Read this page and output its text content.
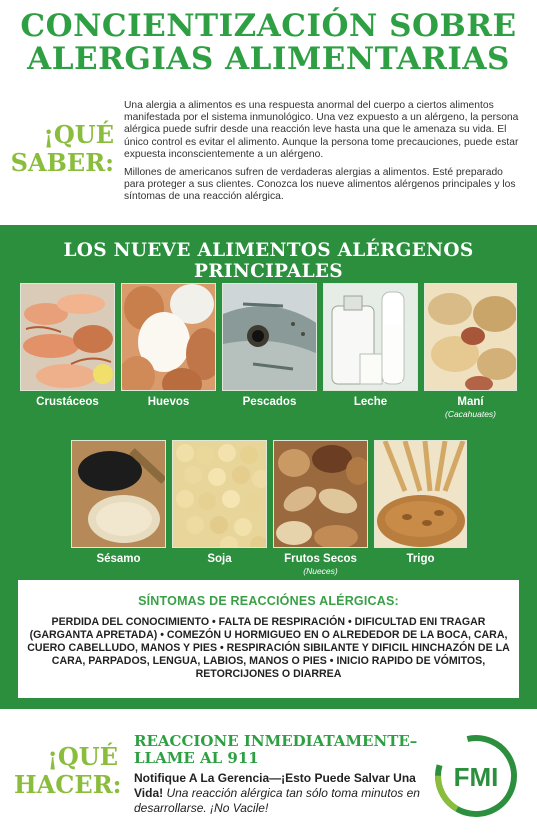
CONCIENTIZACIÓN SOBRE
ALERGIAS ALIMENTARIAS
¡QUÉ
SABER:

Una alergia a alimentos es una respuesta anormal del cuerpo a ciertos alimentos manifestada por el sistema inmunológico. Una vez expuesto a un alérgeno, la persona alérgica puede sufrir desde una reacción leve hasta una que le amenaza su vida. El único control es evitar el alimento. Aunque la persona tome precauciones, puede estar expuesta inconscientemente a un alérgeno.

Millones de americanos sufren de verdaderas alergias a alimentos. Esté preparado para proteger a sus clientes. Conozca los nueve alimentos alérgenos principales y los síntomas de una reacción alérgica.

LOS NUEVE ALIMENTOS ALÉRGENOS PRINCIPALES
Crustáceos	Huevos	Pescados	Leche	Maní
(Cacahuates)
Sésamo	Soja	Frutos Secos
(Nueces)
Trigo
SÍNTOMAS DE REACCIÓNES ALÉRGICAS:
PERDIDA DEL CONOCIMIENTO • FALTA DE RESPIRACIÓN • DIFICULTAD ENI TRAGAR (GARGANTA APRETADA) • COMEZÓN U HORMIGUEO EN O ALREDEDOR DE LA BOCA, CARA, CUERO CABELLUDO, MANOS Y PIES • RESPIRACIÓN SIBILANTE Y DIFICIL HINCHAZÓN DE LA CARA, PARPADOS, LENGUA, LABIOS, MANOS O PIES • INICIO RAPIDO DE VÓMITOS, RETORCIJONES O DIARREA
¡QUÉ
HACER:
REACCIONE INMEDIATAMENTE–
LLAME AL 911
Notifique A La Gerencia—¡Esto Puede Salvar Una Vida! Una reacción alérgica tan sólo toma minutos en desarrollarse. ¡No Vacile!
FMI
